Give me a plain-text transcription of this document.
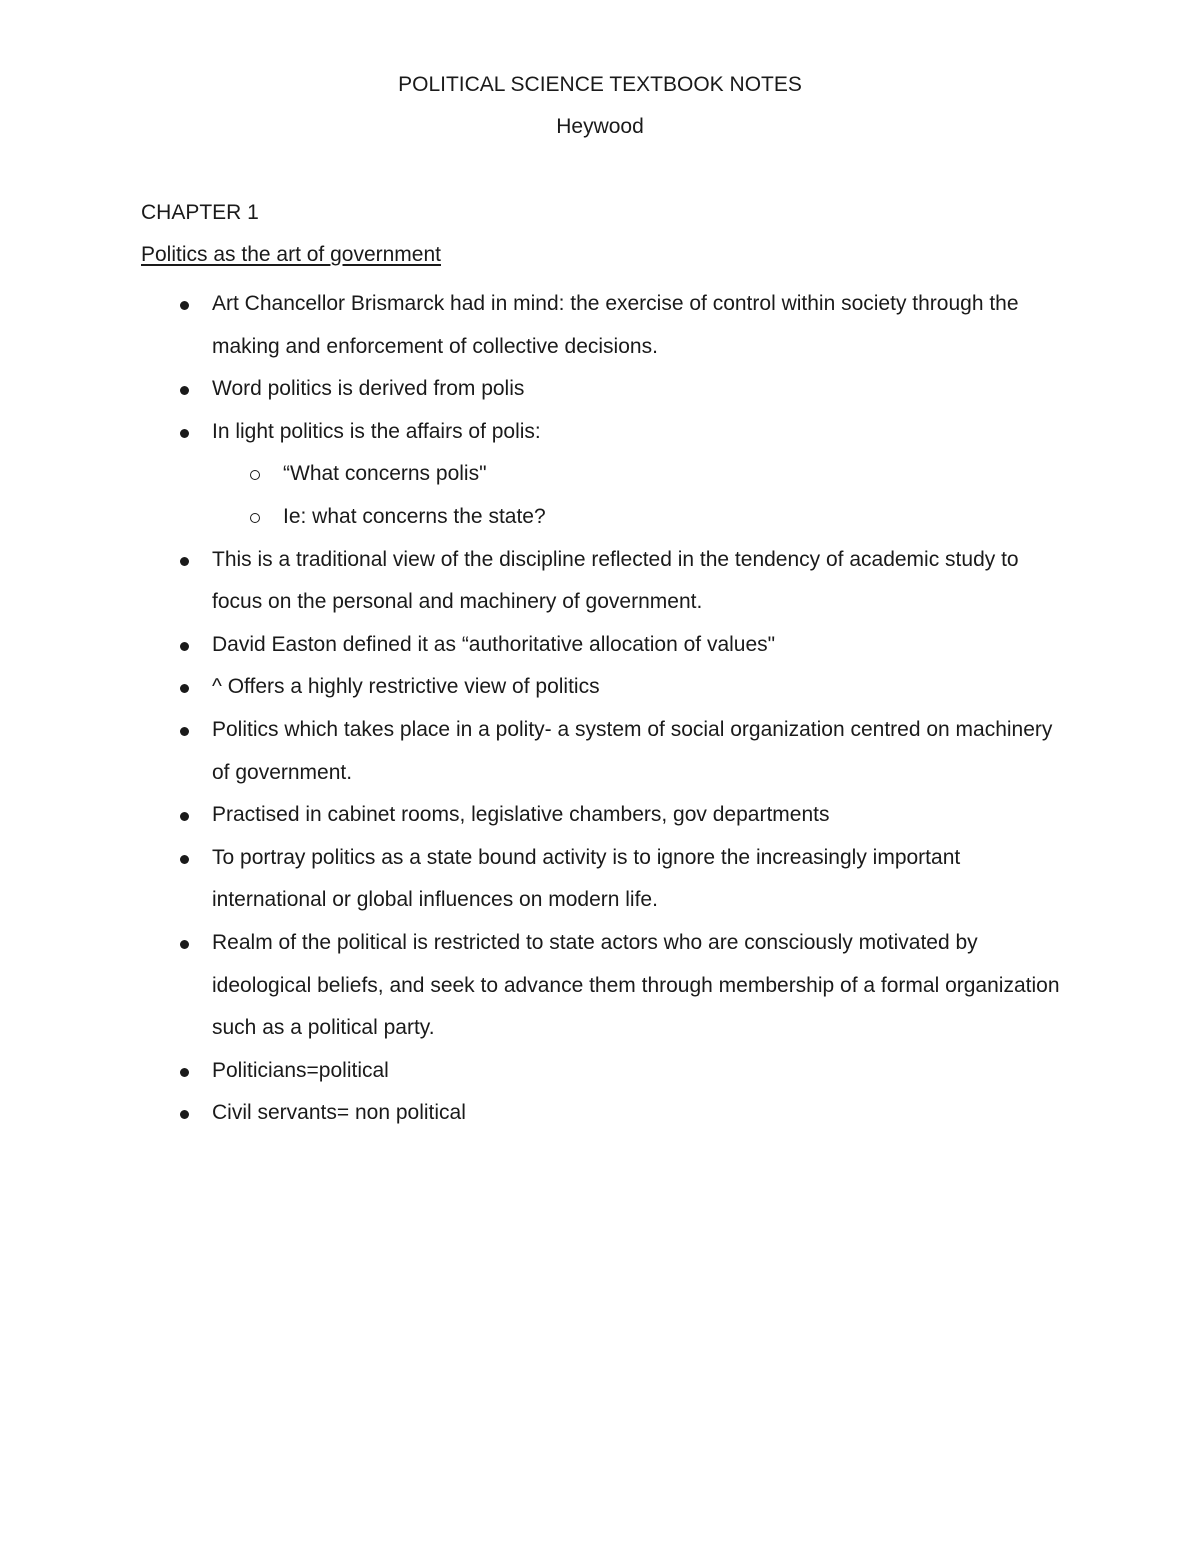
POLITICAL SCIENCE TEXTBOOK NOTES
Heywood
CHAPTER 1
Politics as the art of government
Art Chancellor Brismarck had in mind: the exercise of control within society through the making and enforcement of collective decisions.
Word politics is derived from polis
In light politics is the affairs of polis:
“What concerns polis"
Ie: what concerns the state?
This is a traditional view of the discipline reflected in the tendency of academic study to focus on the personal and machinery of government.
David Easton defined it as “authoritative allocation of values"
^ Offers a highly restrictive view of politics
Politics which takes place in a polity- a system of social organization centred on machinery of government.
Practised in cabinet rooms, legislative chambers, gov departments
To portray politics as a state bound activity is to ignore the increasingly important international or global influences on modern life.
Realm of the political is restricted to state actors who are consciously motivated by ideological beliefs, and seek to advance them through membership of a formal organization such as a political party.
Politicians=political
Civil servants= non political
